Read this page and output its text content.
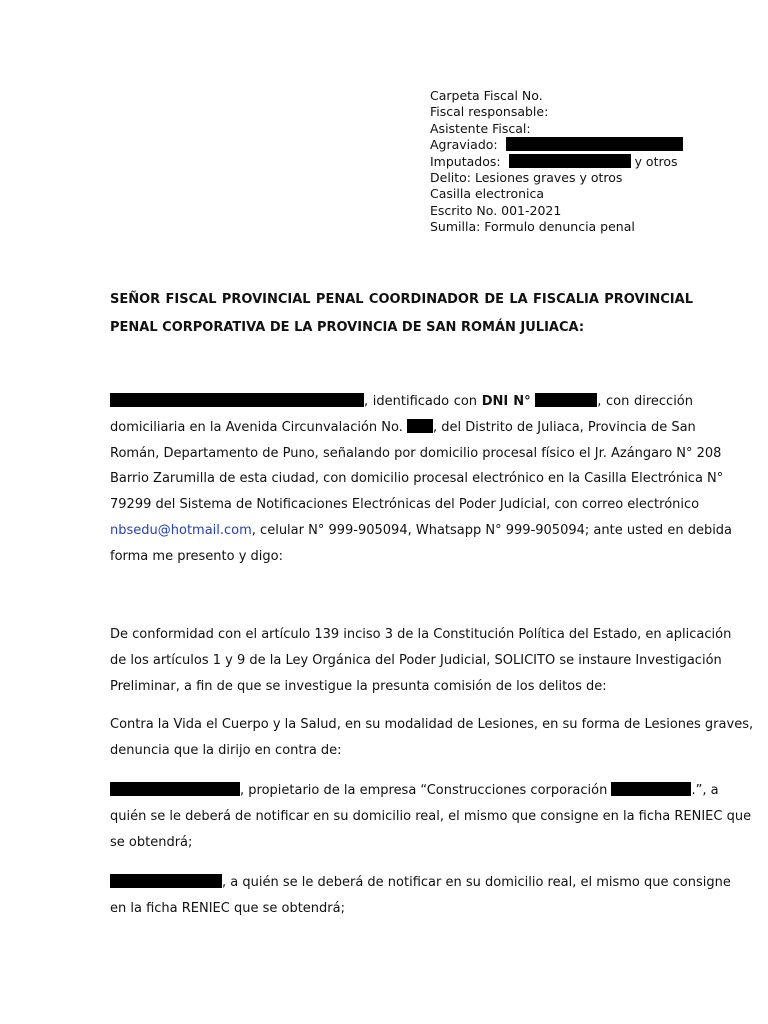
Carpeta Fiscal No.
Fiscal responsable:
Asistente Fiscal:
Agraviado:
Imputados:	y otros
Delito: Lesiones graves y otros
Casilla electronica
Escrito No. 001-2021
Sumilla: Formulo denuncia penal
SEÑOR FISCAL PROVINCIAL PENAL COORDINADOR DE LA FISCALIA PROVINCIAL PENAL CORPORATIVA DE LA PROVINCIA DE SAN ROMÁN JULIACA:
, identificado con DNI N°	, con dirección
domiciliaria en la Avenida Circunvalación No. , del Distrito de Juliaca, Provincia de San
Román, Departamento de Puno, señalando por domicilio procesal físico el Jr. Azángaro N° 208
Barrio Zarumilla de esta ciudad, con domicilio procesal electrónico en la Casilla Electrónica N°
79299 del Sistema de Notificaciones Electrónicas del Poder Judicial, con correo electrónico
nbsedu@hotmail.com, celular N° 999-905094, Whatsapp N° 999-905094; ante usted en debida
forma me presento y digo:
De conformidad con el artículo 139 inciso 3 de la Constitución Política del Estado, en aplicación
de los artículos 1 y 9 de la Ley Orgánica del Poder Judicial, SOLICITO se instaure Investigación
Preliminar, a fin de que se investigue la presunta comisión de los delitos de:
Contra la Vida el Cuerpo y la Salud, en su modalidad de Lesiones, en su forma de Lesiones graves,
denuncia que la dirijo en contra de:
, propietario de la empresa “Construcciones corporación	.”, a
quién se le deberá de notificar en su domicilio real, el mismo que consigne en la ficha RENIEC que
se obtendrá;
, a quién se le deberá de notificar en su domicilio real, el mismo que consigne
en la ficha RENIEC que se obtendrá;
